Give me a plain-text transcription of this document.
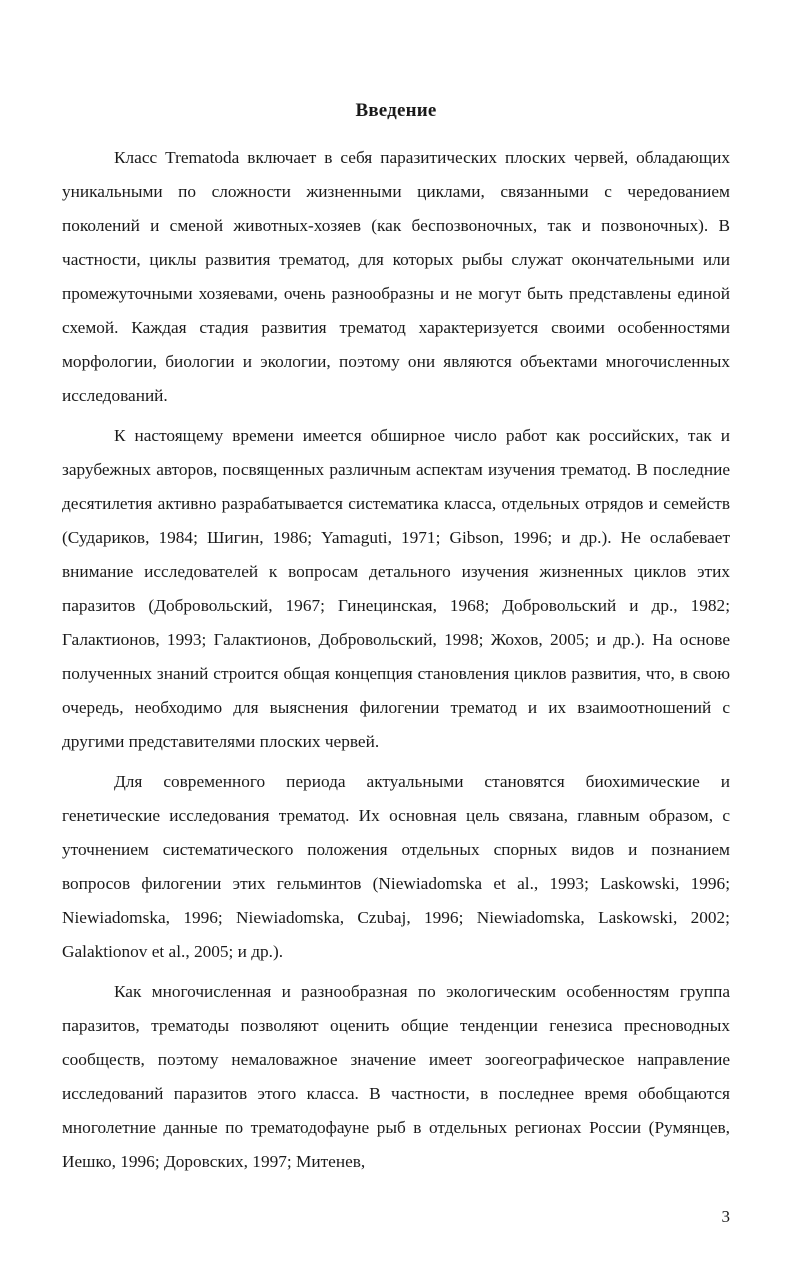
Введение

Класс Trematoda включает в себя паразитических плоских червей, обладающих уникальными по сложности жизненными циклами, связанными с чередованием поколений и сменой животных-хозяев (как беспозвоночных, так и позвоночных). В частности, циклы развития трематод, для которых рыбы служат окончательными или промежуточными хозяевами, очень разнообразны и не могут быть представлены единой схемой. Каждая стадия развития трематод характеризуется своими особенностями морфологии, биологии и экологии, поэтому они являются объектами многочисленных исследований.

К настоящему времени имеется обширное число работ как российских, так и зарубежных авторов, посвященных различным аспектам изучения трематод. В последние десятилетия активно разрабатывается систематика класса, отдельных отрядов и семейств (Судариков, 1984; Шигин, 1986; Yamaguti, 1971; Gibson, 1996; и др.). Не ослабевает внимание исследователей к вопросам детального изучения жизненных циклов этих паразитов (Добровольский, 1967; Гинецинская, 1968; Добровольский и др., 1982; Галактионов, 1993; Галактионов, Добровольский, 1998; Жохов, 2005; и др.). На основе полученных знаний строится общая концепция становления циклов развития, что, в свою очередь, необходимо для выяснения филогении трематод и их взаимоотношений с другими представителями плоских червей.

Для современного периода актуальными становятся биохимические и генетические исследования трематод. Их основная цель связана, главным образом, с уточнением систематического положения отдельных спорных видов и познанием вопросов филогении этих гельминтов (Niewiadomska et al., 1993; Laskowski, 1996; Niewiadomska, 1996; Niewiadomska, Czubaj, 1996; Niewiadomska, Laskowski, 2002; Galaktionov et al., 2005; и др.).

Как многочисленная и разнообразная по экологическим особенностям группа паразитов, трематоды позволяют оценить общие тенденции генезиса пресноводных сообществ, поэтому немаловажное значение имеет зоогеографическое направление исследований паразитов этого класса. В частности, в последнее время обобщаются многолетние данные по трематодофауне рыб в отдельных регионах России (Румянцев, Иешко, 1996; Доровских, 1997; Митенев,

3
